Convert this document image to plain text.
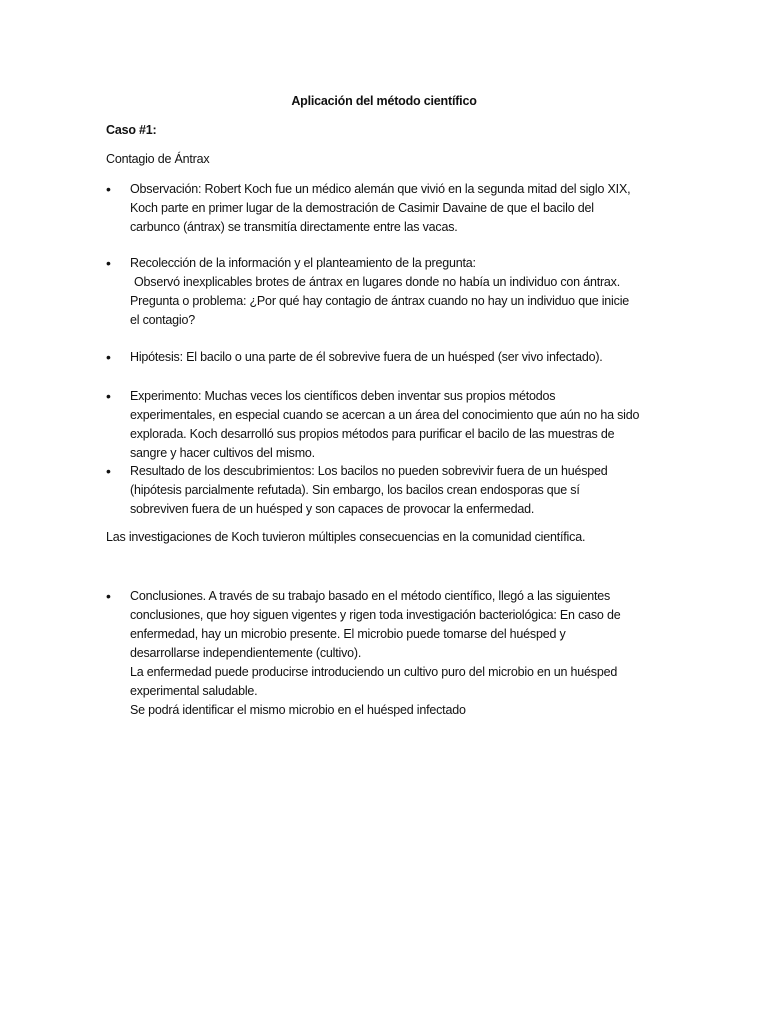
Aplicación del método científico
Caso #1:
Contagio de Ántrax
• Observación: Robert Koch fue un médico alemán que vivió en la segunda mitad del siglo XIX,
Koch parte en primer lugar de la demostración de Casimir Davaine de que el bacilo del
carbunco (ántrax) se transmitía directamente entre las vacas.
• Recolección de la información y el planteamiento de la pregunta:
Observó inexplicables brotes de ántrax en lugares donde no había un individuo con ántrax.
Pregunta o problema: ¿Por qué hay contagio de ántrax cuando no hay un individuo que inicie
el contagio?
• Hipótesis: El bacilo o una parte de él sobrevive fuera de un huésped (ser vivo infectado).
• Experimento: Muchas veces los científicos deben inventar sus propios métodos
experimentales, en especial cuando se acercan a un área del conocimiento que aún no ha sido
explorada. Koch desarrolló sus propios métodos para purificar el bacilo de las muestras de
sangre y hacer cultivos del mismo.
• Resultado de los descubrimientos: Los bacilos no pueden sobrevivir fuera de un huésped
(hipótesis parcialmente refutada). Sin embargo, los bacilos crean endosporas que sí
sobreviven fuera de un huésped y son capaces de provocar la enfermedad.
Las investigaciones de Koch tuvieron múltiples consecuencias en la comunidad científica.
• Conclusiones. A través de su trabajo basado en el método científico, llegó a las siguientes
conclusiones, que hoy siguen vigentes y rigen toda investigación bacteriológica: En caso de
enfermedad, hay un microbio presente. El microbio puede tomarse del huésped y
desarrollarse independientemente (cultivo).
La enfermedad puede producirse introduciendo un cultivo puro del microbio en un huésped
experimental saludable.
Se podrá identificar el mismo microbio en el huésped infectado
